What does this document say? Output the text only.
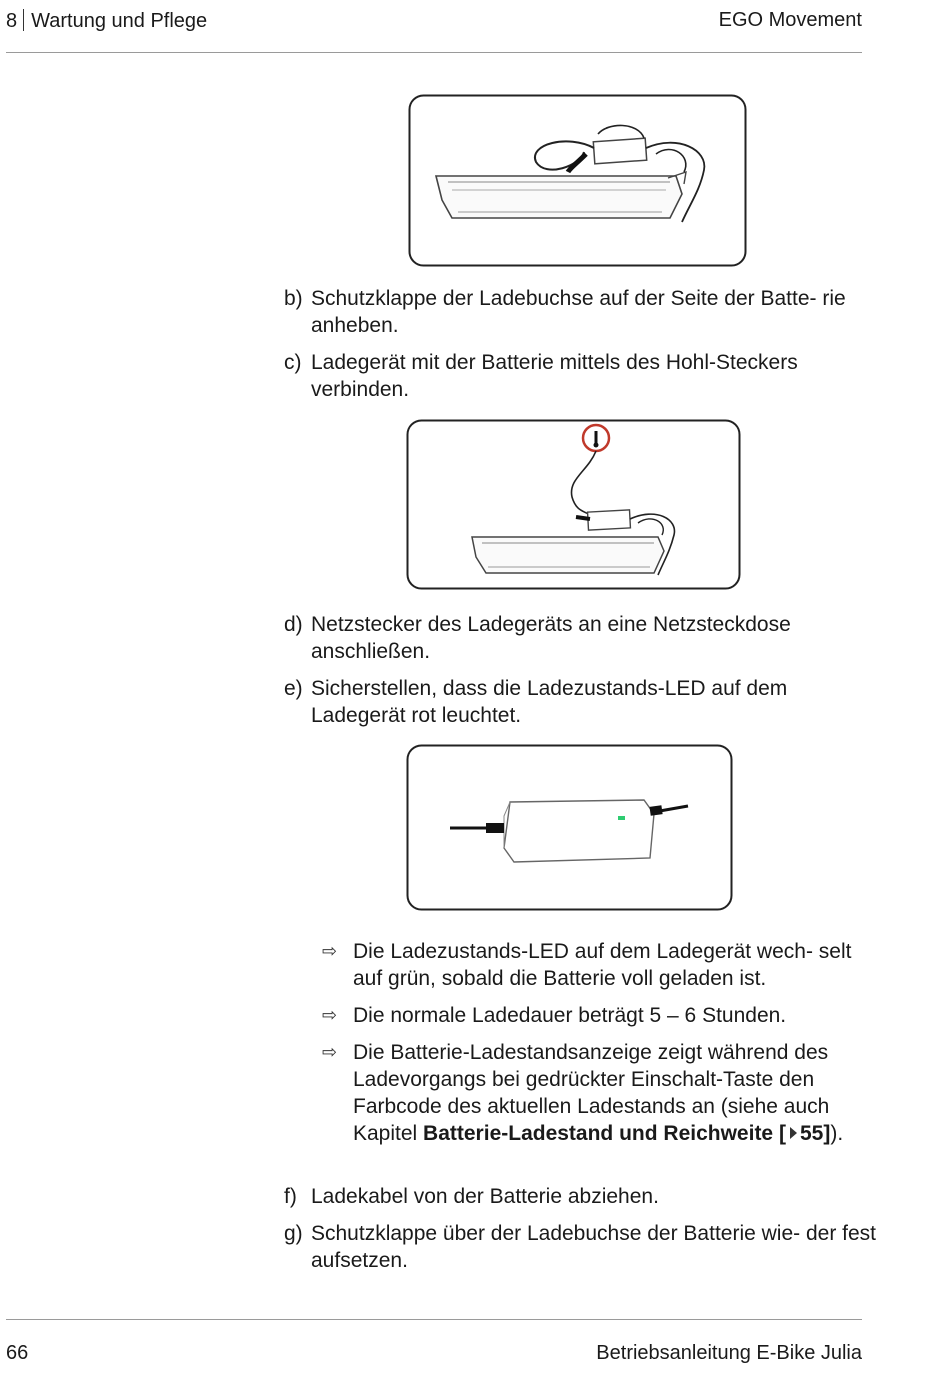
8 Wartung und Pflege	EGO Movement
b) Schutzklappe der Ladebuchse auf der Seite der Batte- rie anheben.
c) Ladegerät mit der Batterie mittels des Hohl-Steckers verbinden.
d) Netzstecker des Ladegeräts an eine Netzsteckdose anschließen.
e) Sicherstellen, dass die Ladezustands-LED auf dem Ladegerät rot leuchtet.
⇨ Die Ladezustands-LED auf dem Ladegerät wech- selt auf grün, sobald die Batterie voll geladen ist.
⇨ Die normale Ladedauer beträgt 5 – 6 Stunden.
⇨ Die Batterie-Ladestandsanzeige zeigt während des Ladevorgangs bei gedrückter Einschalt-Taste den Farbcode des aktuellen Ladestands an (siehe auch Kapitel Batterie-Ladestand und Reichweite [ 55]).
f) Ladekabel von der Batterie abziehen.
g) Schutzklappe über der Ladebuchse der Batterie wie- der fest aufsetzen.
66	Betriebsanleitung E-Bike Julia
